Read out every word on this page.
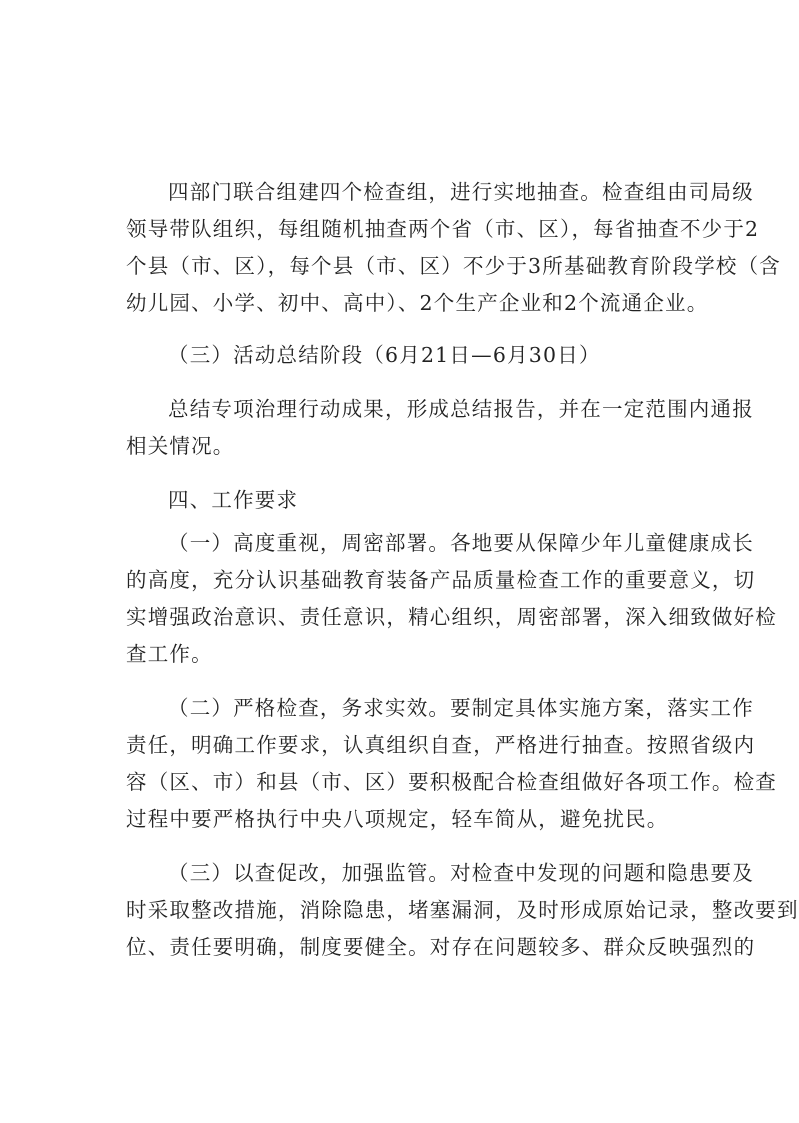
四部门联合组建四个检查组，进行实地抽查。检查组由司局级
领导带队组织，每组随机抽查两个省（市、区），每省抽查不少于2
个县（市、区），每个县（市、区）不少于3所基础教育阶段学校（含
幼儿园、小学、初中、高中）、2个生产企业和2个流通企业。
（三）活动总结阶段（6月21日—6月30日）
总结专项治理行动成果，形成总结报告，并在一定范围内通报
相关情况。
四、工作要求
（一）高度重视，周密部署。各地要从保障少年儿童健康成长
的高度，充分认识基础教育装备产品质量检查工作的重要意义，切
实增强政治意识、责任意识，精心组织，周密部署，深入细致做好检
查工作。
（二）严格检查，务求实效。要制定具体实施方案，落实工作
责任，明确工作要求，认真组织自查，严格进行抽查。按照省级内
容（区、市）和县（市、区）要积极配合检查组做好各项工作。检查
过程中要严格执行中央八项规定，轻车简从，避免扰民。
（三）以查促改，加强监管。对检查中发现的问题和隐患要及
时采取整改措施，消除隐患，堵塞漏洞，及时形成原始记录，整改要到
位、责任要明确，制度要健全。对存在问题较多、群众反映强烈的
